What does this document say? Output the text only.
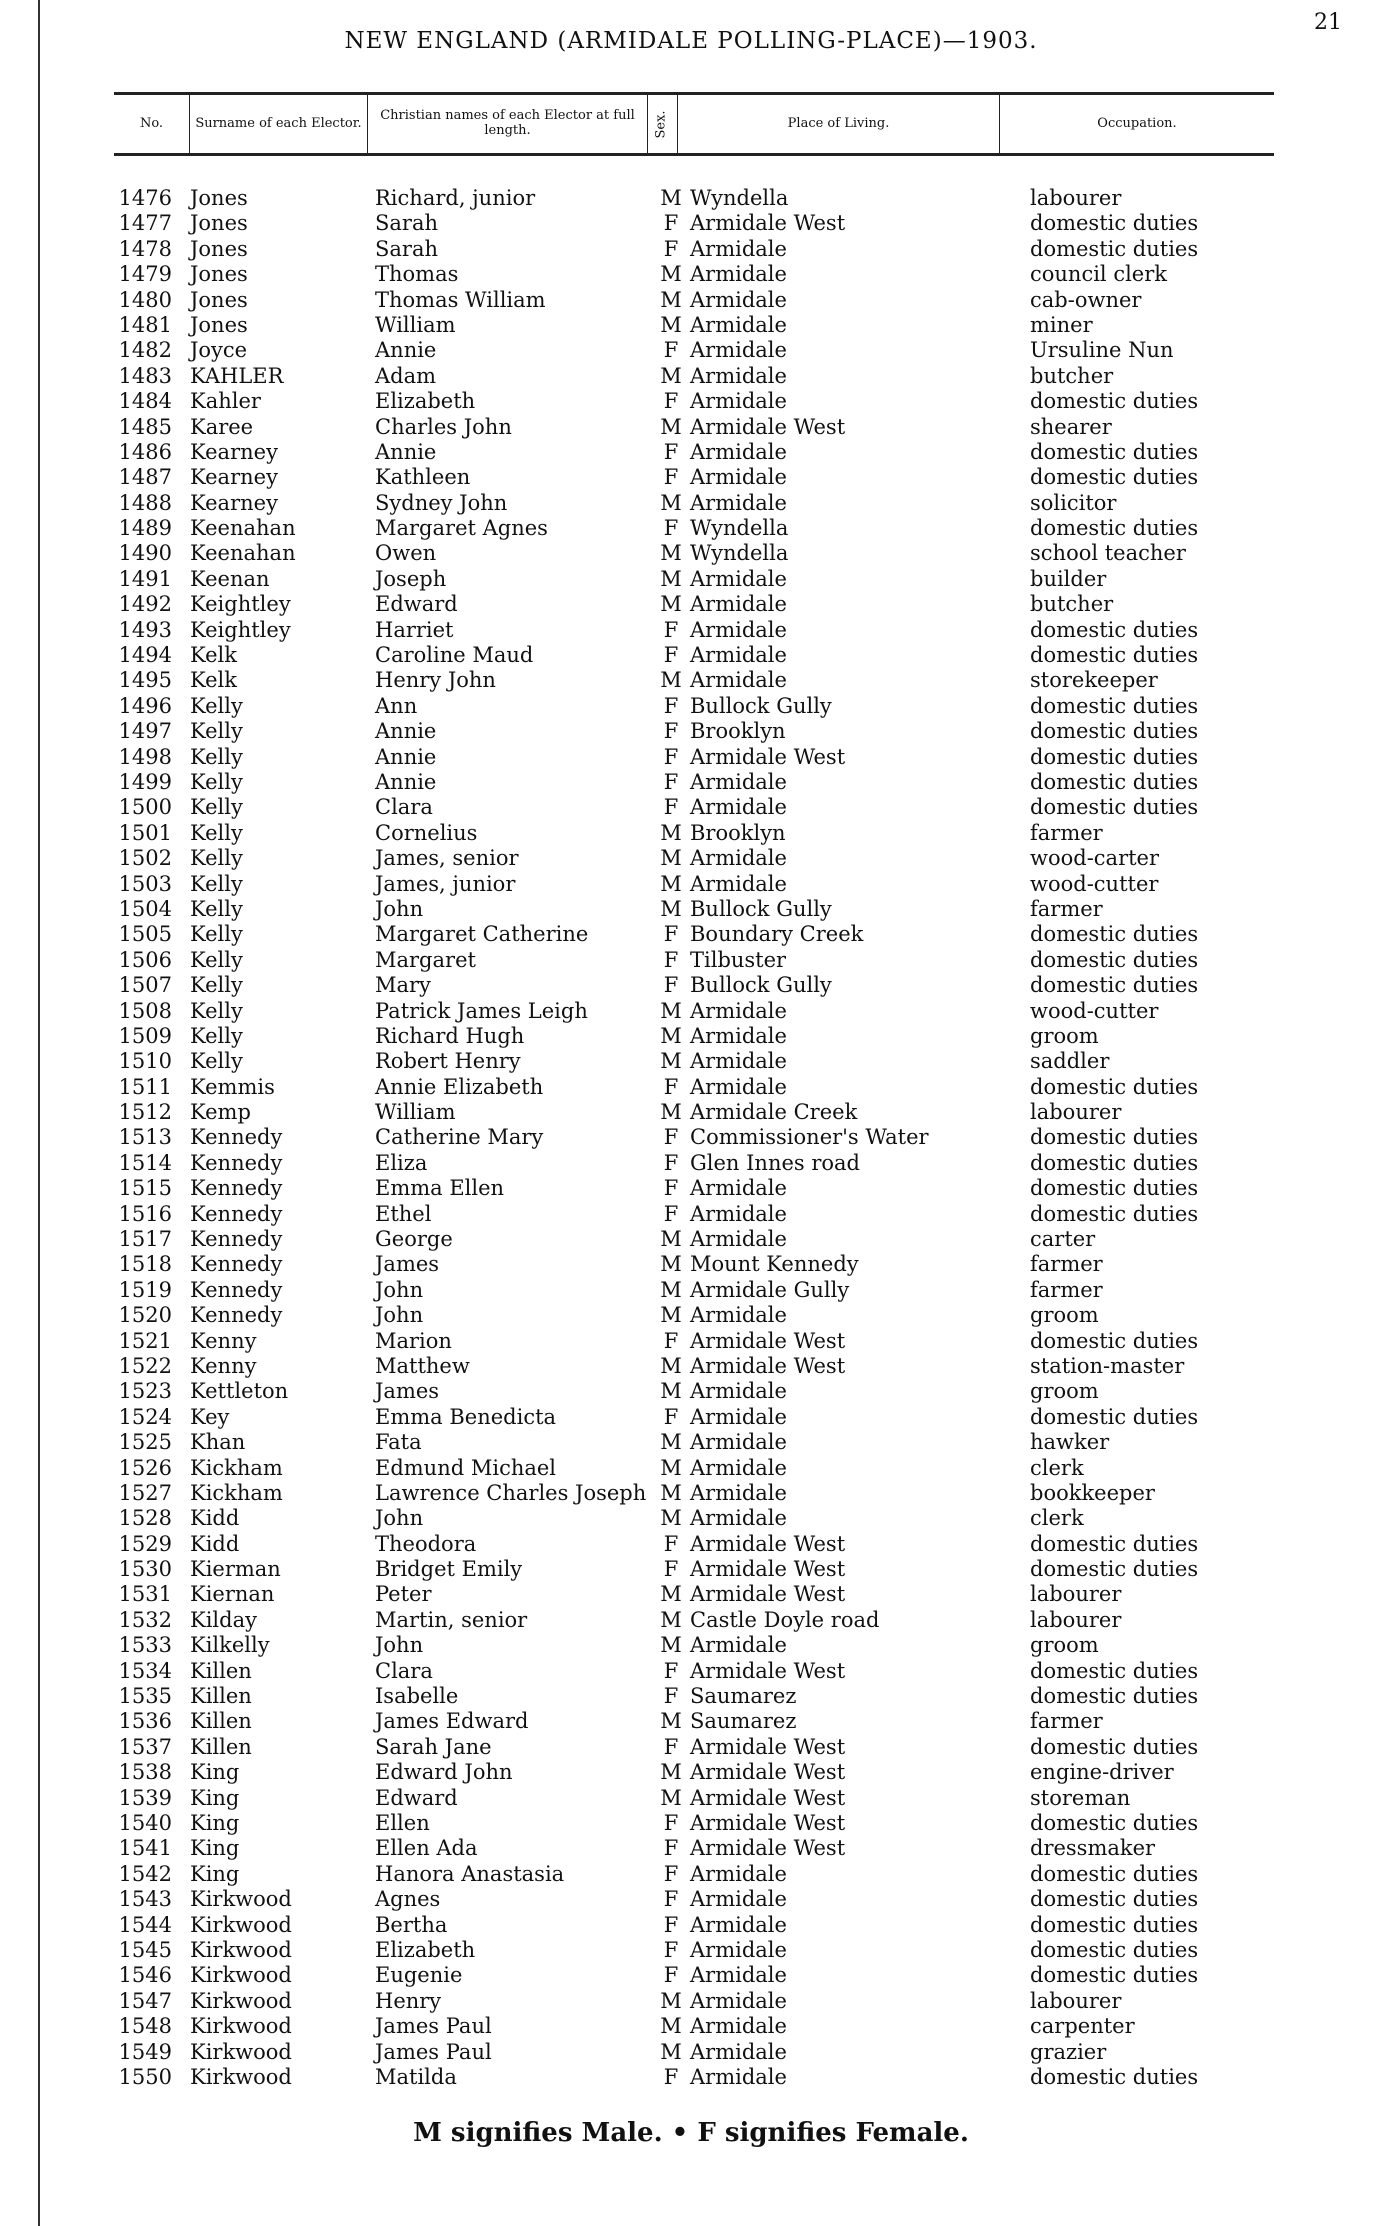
NEW ENGLAND (ARMIDALE POLLING-PLACE)—1903.
21
No.	Surname of each Elector.	Christian names of each Elector at full length.	Sex.	Place of Living.	Occupation.
1476 Jones	Richard, junior	M Wyndella	labourer
1477 Jones	Sarah	F Armidale West	domestic duties
1478 Jones	Sarah	F Armidale	domestic duties
1479 Jones	Thomas	M Armidale	council clerk
1480 Jones	Thomas William	M Armidale	cab-owner
1481 Jones	William	M Armidale	miner
1482 Joyce	Annie	F Armidale	Ursuline Nun
1483 KAHLER	Adam	M Armidale	butcher
1484 Kahler	Elizabeth	F Armidale	domestic duties
1485 Karee	Charles John	M Armidale West	shearer
1486 Kearney	Annie	F Armidale	domestic duties
1487 Kearney	Kathleen	F Armidale	domestic duties
1488 Kearney	Sydney John	M Armidale	solicitor
1489 Keenahan	Margaret Agnes	F Wyndella	domestic duties
1490 Keenahan	Owen	M Wyndella	school teacher
1491 Keenan	Joseph	M Armidale	builder
1492 Keightley	Edward	M Armidale	butcher
1493 Keightley	Harriet	F Armidale	domestic duties
1494 Kelk	Caroline Maud	F Armidale	domestic duties
1495 Kelk	Henry John	M Armidale	storekeeper
1496 Kelly	Ann	F Bullock Gully	domestic duties
1497 Kelly	Annie	F Brooklyn	domestic duties
1498 Kelly	Annie	F Armidale West	domestic duties
1499 Kelly	Annie	F Armidale	domestic duties
1500 Kelly	Clara	F Armidale	domestic duties
1501 Kelly	Cornelius	M Brooklyn	farmer
1502 Kelly	James, senior	M Armidale	wood-carter
1503 Kelly	James, junior	M Armidale	wood-cutter
1504 Kelly	John	M Bullock Gully	farmer
1505 Kelly	Margaret Catherine	F Boundary Creek	domestic duties
1506 Kelly	Margaret	F Tilbuster	domestic duties
1507 Kelly	Mary	F Bullock Gully	domestic duties
1508 Kelly	Patrick James Leigh	M Armidale	wood-cutter
1509 Kelly	Richard Hugh	M Armidale	groom
1510 Kelly	Robert Henry	M Armidale	saddler
1511 Kemmis	Annie Elizabeth	F Armidale	domestic duties
1512 Kemp	William	M Armidale Creek	labourer
1513 Kennedy	Catherine Mary	F Commissioner's Water	domestic duties
1514 Kennedy	Eliza	F Glen Innes road	domestic duties
1515 Kennedy	Emma Ellen	F Armidale	domestic duties
1516 Kennedy	Ethel	F Armidale	domestic duties
1517 Kennedy	George	M Armidale	carter
1518 Kennedy	James	M Mount Kennedy	farmer
1519 Kennedy	John	M Armidale Gully	farmer
1520 Kennedy	John	M Armidale	groom
1521 Kenny	Marion	F Armidale West	domestic duties
1522 Kenny	Matthew	M Armidale West	station-master
1523 Kettleton	James	M Armidale	groom
1524 Key	Emma Benedicta	F Armidale	domestic duties
1525 Khan	Fata	M Armidale	hawker
1526 Kickham	Edmund Michael	M Armidale	clerk
1527 Kickham	Lawrence Charles Joseph M Armidale	bookkeeper
1528 Kidd	John	M Armidale	clerk
1529 Kidd	Theodora	F Armidale West	domestic duties
1530 Kierman	Bridget Emily	F Armidale West	domestic duties
1531 Kiernan	Peter	M Armidale West	labourer
1532 Kilday	Martin, senior	M Castle Doyle road	labourer
1533 Kilkelly	John	M Armidale	groom
1534 Killen	Clara	F Armidale West	domestic duties
1535 Killen	Isabelle	F Saumarez	domestic duties
1536 Killen	James Edward	M Saumarez	farmer
1537 Killen	Sarah Jane	F Armidale West	domestic duties
1538 King	Edward John	M Armidale West	engine-driver
1539 King	Edward	M Armidale West	storeman
1540 King	Ellen	F Armidale West	domestic duties
1541 King	Ellen Ada	F Armidale West	dressmaker
1542 King	Hanora Anastasia	F Armidale	domestic duties
1543 Kirkwood	Agnes	F Armidale	domestic duties
1544 Kirkwood	Bertha	F Armidale	domestic duties
1545 Kirkwood	Elizabeth	F Armidale	domestic duties
1546 Kirkwood	Eugenie	F Armidale	domestic duties
1547 Kirkwood	Henry	M Armidale	labourer
1548 Kirkwood	James Paul	M Armidale	carpenter
1549 Kirkwood	James Paul	M Armidale	grazier
1550 Kirkwood	Matilda	F Armidale	domestic duties
M signifies Male. • F signifies Female.
